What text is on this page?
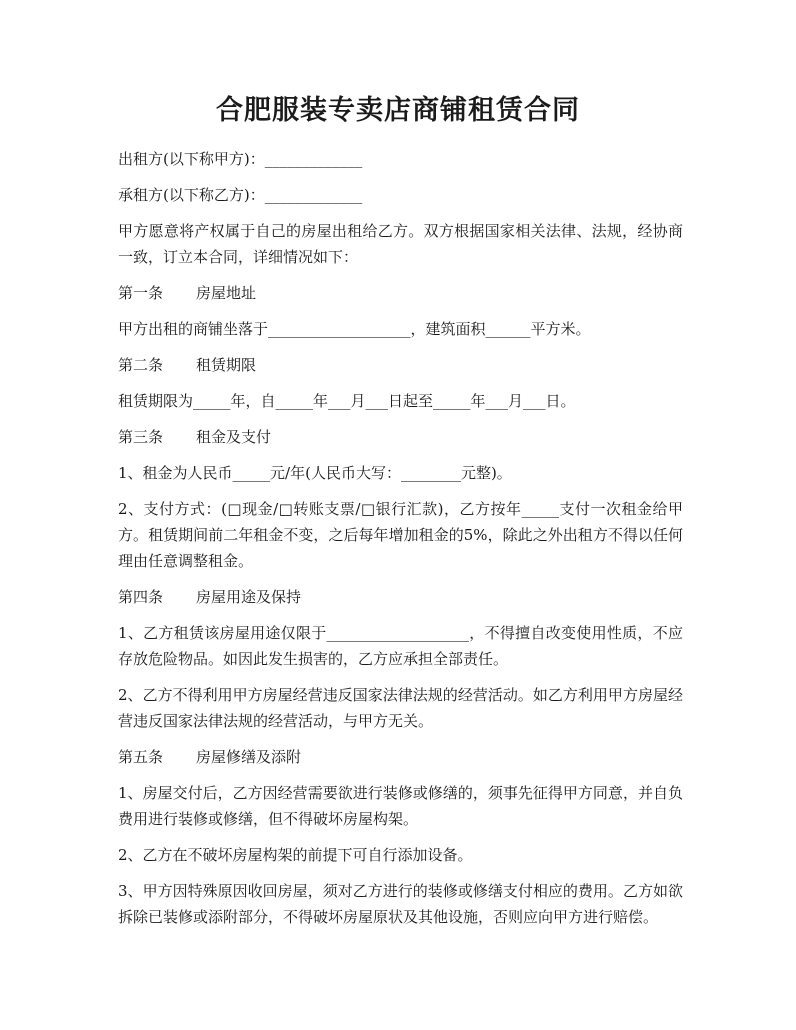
合肥服装专卖店商铺租赁合同

出租方(以下称甲方)：_____________

承租方(以下称乙方)：_____________

甲方愿意将产权属于自己的房屋出租给乙方。双方根据国家相关法律、法规，经协商一致，订立本合同，详细情况如下：

第一条 房屋地址

甲方出租的商铺坐落于___________________，建筑面积______平方米。

第二条 租赁期限

租赁期限为_____年，自_____年___月___日起至_____年___月___日。

第三条 租金及支付

1、租金为人民币_____元/年(人民币大写：________元整)。

2、支付方式：(□现金/□转账支票/□银行汇款)，乙方按年_____支付一次租金给甲方。租赁期间前二年租金不变，之后每年增加租金的5%，除此之外出租方不得以任何理由任意调整租金。

第四条 房屋用途及保持

1、乙方租赁该房屋用途仅限于___________________，不得擅自改变使用性质，不应存放危险物品。如因此发生损害的，乙方应承担全部责任。

2、乙方不得利用甲方房屋经营违反国家法律法规的经营活动。如乙方利用甲方房屋经营违反国家法律法规的经营活动，与甲方无关。

第五条 房屋修缮及添附

1、房屋交付后，乙方因经营需要欲进行装修或修缮的，须事先征得甲方同意，并自负费用进行装修或修缮，但不得破坏房屋构架。

2、乙方在不破坏房屋构架的前提下可自行添加设备。

3、甲方因特殊原因收回房屋，须对乙方进行的装修或修缮支付相应的费用。乙方如欲拆除已装修或添附部分，不得破坏房屋原状及其他设施，否则应向甲方进行赔偿。
